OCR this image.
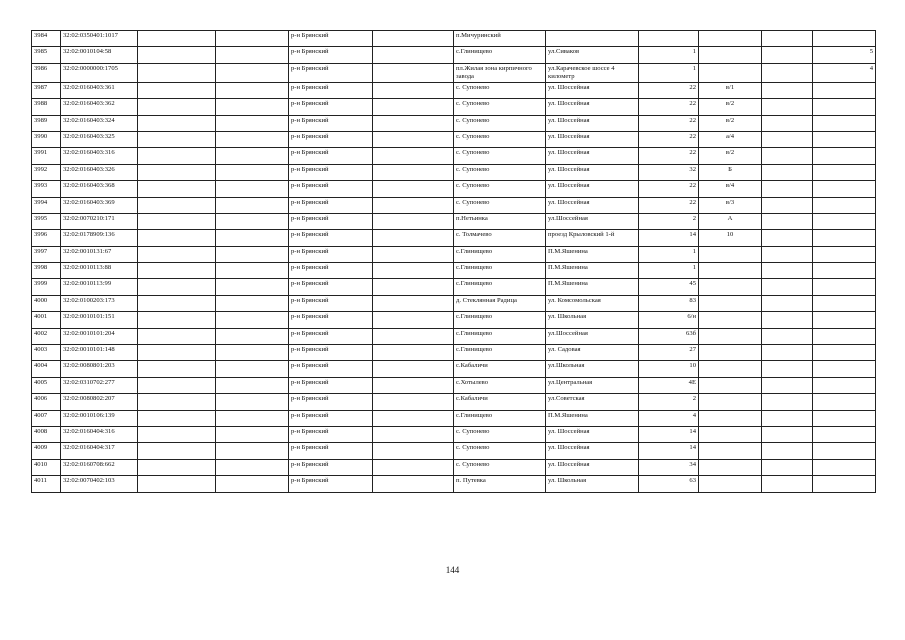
3984	32:02:0350401:1017			р-н Брянский		п.Мичуринский					
3985	32:02:0010104:58			р-н Брянский		с.Глинищево	ул.Сиваков	1			5
3986	32:02:0000000:1705			р-н Брянский		пл.Жилая зона кирпичного завода	ул.Карачевское шоссе 4 километр	1			4
3987	32:02:0160403:361			р-н Брянский		с. Супонево	ул. Шоссейная	22	в/1		
3988	32:02:0160403:362			р-н Брянский		с. Супонево	ул. Шоссейная	22	в/2		
3989	32:02:0160403:324			р-н Брянский		с. Супонево	ул. Шоссейная	22	в/2		
3990	32:02:0160403:325			р-н Брянский		с. Супонево	ул. Шоссейная	22	а/4		
3991	32:02:0160403:316			р-н Брянский		с. Супонево	ул. Шоссейная	22	в/2		
3992	32:02:0160403:326			р-н Брянский		с. Супонево	ул. Шоссейная	32	Б		
3993	32:02:0160403:368			р-н Брянский		с. Супонево	ул. Шоссейная	22	в/4		
3994	32:02:0160403:369			р-н Брянский		с. Супонево	ул. Шоссейная	22	в/3		
3995	32:02:0070210:171			р-н Брянский		п.Нетьинка	ул.Шоссейная	2	А		
3996	32:02:0178909:136			р-н Брянский		с. Толмачево	проезд Крыловский 1-й	14	10		
3997	32:02:0010131:67			р-н Брянский		с.Глинищево	П.М.Яшенина	1			
3998	32:02:0010113:88			р-н Брянский		с.Глинищево	П.М.Яшенина	1			
3999	32:02:0010113:99			р-н Брянский		с.Глинищево	П.М.Яшенина	45			
4000	32:02:0100203:173			р-н Брянский		д. Стеклянная Радица	ул. Комсомольская	83			
4001	32:02:0010101:151			р-н Брянский		с.Глинищево	ул. Школьная	6/н			
4002	32:02:0010101:204			р-н Брянский		с.Глинищево	ул.Шоссейная	63б			
4003	32:02:0010101:148			р-н Брянский		с.Глинищево	ул. Садовая	27			
4004	32:02:0080801:203			р-н Брянский		с.Кабаличи	ул.Школьная	10			
4005	32:02:0310702:277			р-н Брянский		с.Хотылево	ул.Центральная	4Е			
4006	32:02:0080802:207			р-н Брянский		с.Кабаличи	ул.Советская	2			
4007	32:02:0010106:139			р-н Брянский		с.Глинищево	П.М.Яшенина	4			
4008	32:02:0160404:316			р-н Брянский		с. Супонево	ул. Шоссейная	14			
4009	32:02:0160404:317			р-н Брянский		с. Супонево	ул. Шоссейная	14			
4010	32:02:0160708:662			р-н Брянский		с. Супонево	ул. Шоссейная	34			
4011	32:02:0070402:103			р-н Брянский		п. Путевка	ул. Школьная	63			
144
